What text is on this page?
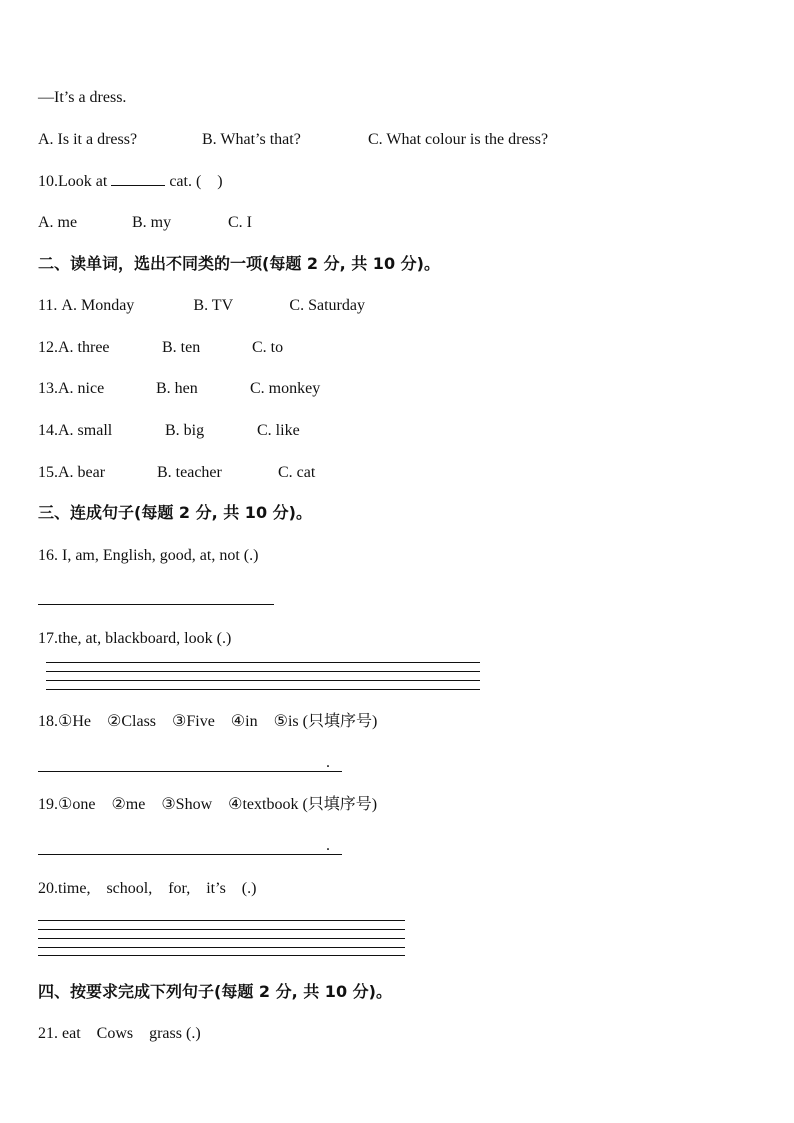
—It’s a dress.
A. Is it a dress?	B. What’s that?	C. What colour is the dress?
10.Look at	cat. (　)
A. me	B. my	C. I
二、读单词，选出不同类的一项(每题 2 分, 共 10 分)。
11. A. Monday	B. TV	C. Saturday
12.A. three	B. ten	C. to
13.A. nice	B. hen	C. monkey
14.A. small	B. big	C. like
15.A. bear	B. teacher	C. cat
三、连成句子(每题 2 分, 共 10 分)。
16. I, am, English, good, at, not (.)
17.the, at, blackboard, look (.)
18.①He　②Class　③Five　④in　⑤is (只填序号)
.
19.①one　②me　③Show　④textbook (只填序号)
.
20.time,　school,　for,　it’s　(.)
四、按要求完成下列句子(每题 2 分, 共 10 分)。
21. eat　Cows　grass (.)
